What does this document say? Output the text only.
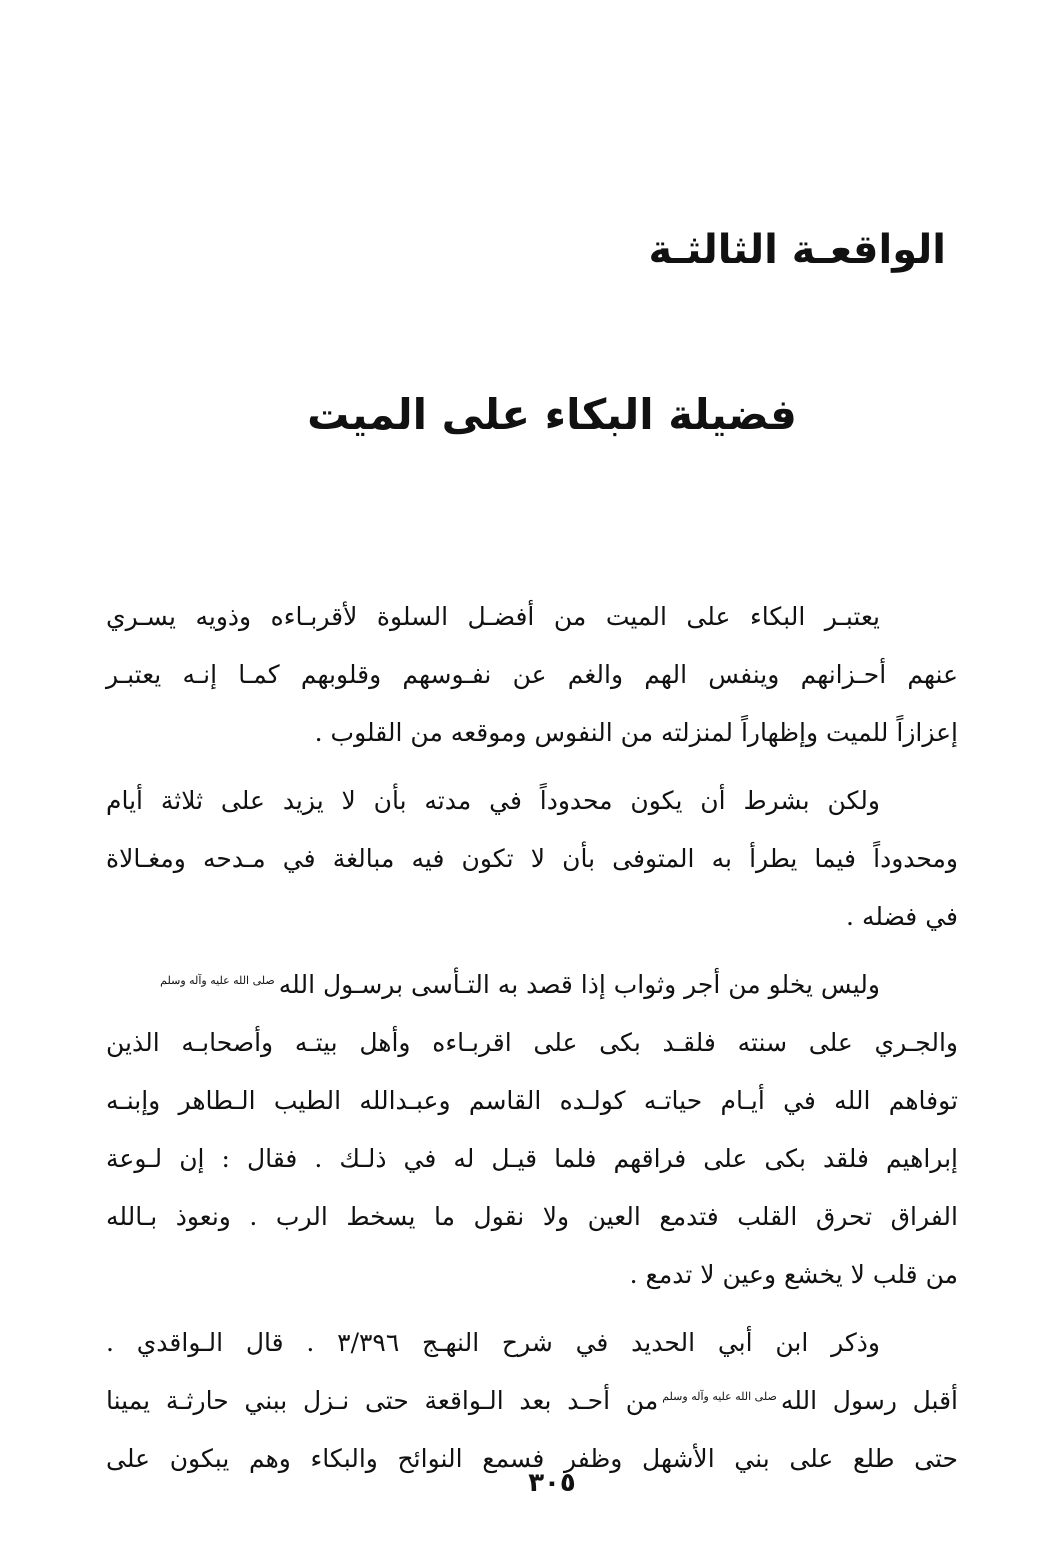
الواقعـة الثالثـة
فضيلة البكاء على الميت

يعتبـر البكاء على الميت من أفضـل السلوة لأقربـاءه وذويه يسـري
عنهم أحـزانهم وينفس الهم والغم عن نفـوسهم وقلوبهم كمـا إنـه يعتبـر
إعزازاً للميت وإظهاراً لمنزلته من النفوس وموقعه من القلوب .

ولكن بشرط أن يكون محدوداً في مدته بأن لا يزيد على ثلاثة أيام
ومحدوداً فيما يطرأ به المتوفى بأن لا تكون فيه مبالغة في مـدحه ومغـالاة
في فضله .

وليس يخلو من أجر وثواب إذا قصد به التـأسى برسـول اللهصلى الله عليه وآله وسلم
والجـري على سنته فلقـد بكى على اقربـاءه وأهل بيتـه وأصحابـه الذين
توفاهم الله في أيـام حياتـه كولـده القاسم وعبـدالله الطيب الـطاهر وإبنـه
إبراهيم فلقد بكى على فراقهم فلما قيـل له في ذلـك . فقال : إن لـوعة
الفراق تحرق القلب فتدمع العين ولا نقول ما يسخط الرب . ونعوذ بـالله
من قلب لا يخشع وعين لا تدمع .

وذكر ابن أبي الحديد في شرح النهـج ٣/٣٩٦ . قال الـواقدي .
أقبل رسول اللهصلى الله عليه وآله وسلممن أحـد بعد الـواقعة حتى نـزل ببني حارثـة يمينا
حتى طلع على بني الأشهل وظفر فسمع النوائح والبكاء وهم يبكون على

٣٠٥
